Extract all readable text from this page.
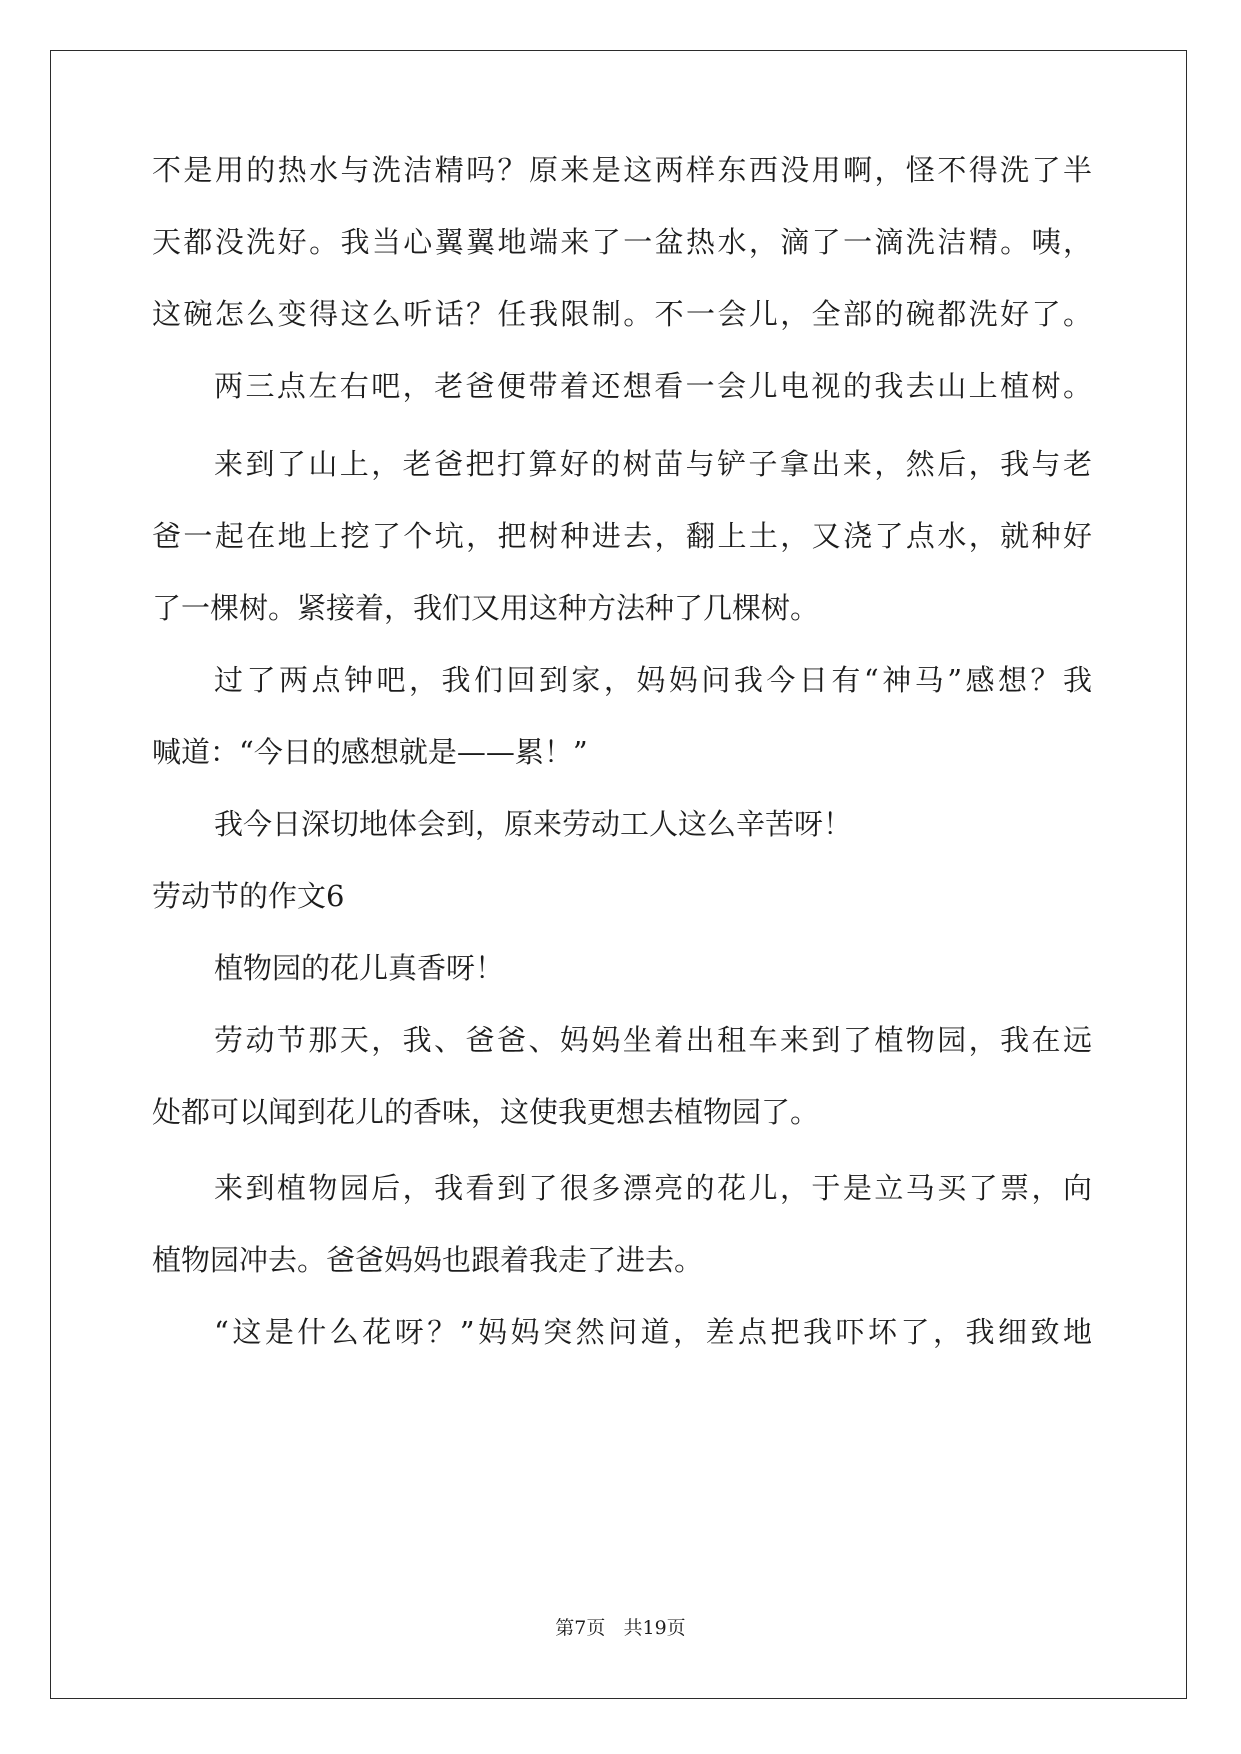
不是用的热水与洗洁精吗？原来是这两样东西没用啊，怪不得洗了半

天都没洗好。我当心翼翼地端来了一盆热水，滴了一滴洗洁精。咦，

这碗怎么变得这么听话？任我限制。不一会儿，全部的碗都洗好了。

两三点左右吧，老爸便带着还想看一会儿电视的我去山上植树。

来到了山上，老爸把打算好的树苗与铲子拿出来，然后，我与老

爸一起在地上挖了个坑，把树种进去，翻上土，又浇了点水，就种好

了一棵树。紧接着，我们又用这种方法种了几棵树。

过了两点钟吧，我们回到家，妈妈问我今日有“神马”感想？我

喊道：“今日的感想就是——累！”

我今日深切地体会到，原来劳动工人这么辛苦呀！

劳动节的作文6

植物园的花儿真香呀！

劳动节那天，我、爸爸、妈妈坐着出租车来到了植物园，我在远

处都可以闻到花儿的香味，这使我更想去植物园了。

来到植物园后，我看到了很多漂亮的花儿，于是立马买了票，向

植物园冲去。爸爸妈妈也跟着我走了进去。

“这是什么花呀？”妈妈突然问道，差点把我吓坏了，我细致地

第7页   共19页
